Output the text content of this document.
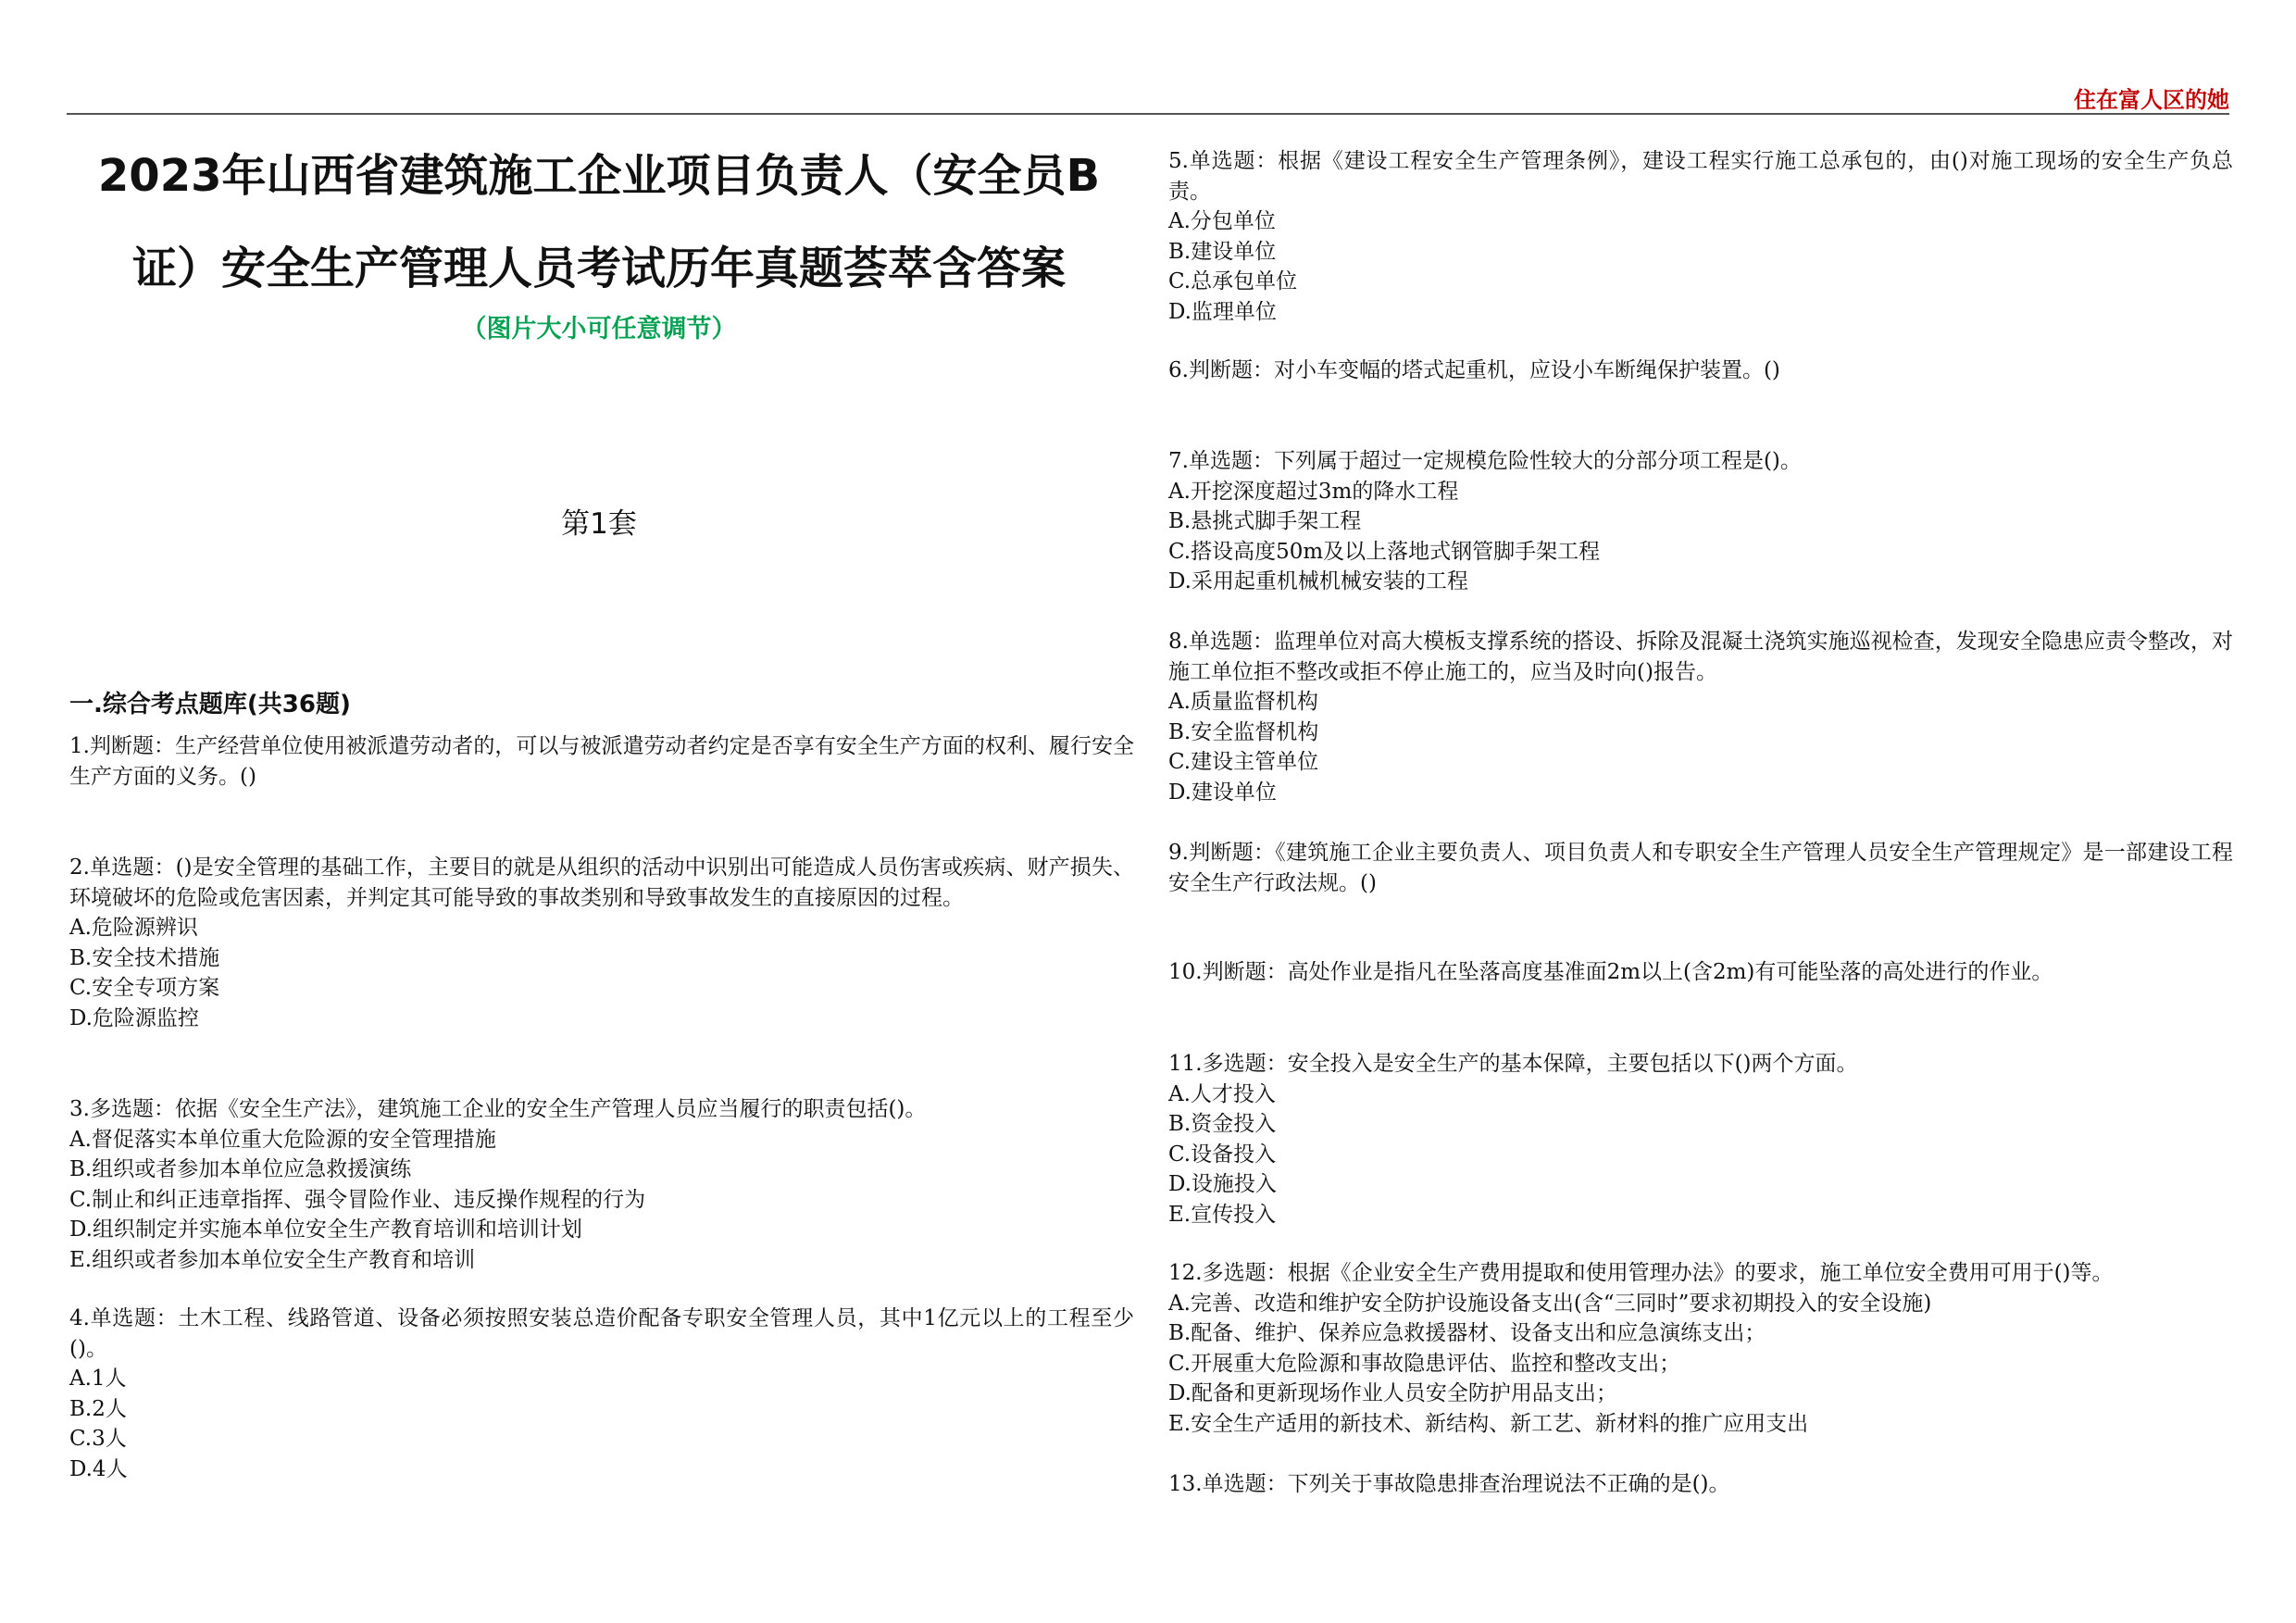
住在富人区的她
2023年山西省建筑施工企业项目负责人（安全员B证）安全生产管理人员考试历年真题荟萃含答案
（图片大小可任意调节）
第1套
一.综合考点题库(共36题)
1.判断题：生产经营单位使用被派遣劳动者的，可以与被派遣劳动者约定是否享有安全生产方面的权利、履行安全生产方面的义务。()
2.单选题：()是安全管理的基础工作，主要目的就是从组织的活动中识别出可能造成人员伤害或疾病、财产损失、环境破坏的危险或危害因素，并判定其可能导致的事故类别和导致事故发生的直接原因的过程。
A.危险源辨识
B.安全技术措施
C.安全专项方案
D.危险源监控
3.多选题：依据《安全生产法》，建筑施工企业的安全生产管理人员应当履行的职责包括()。
A.督促落实本单位重大危险源的安全管理措施
B.组织或者参加本单位应急救援演练
C.制止和纠正违章指挥、强令冒险作业、违反操作规程的行为
D.组织制定并实施本单位安全生产教育培训和培训计划
E.组织或者参加本单位安全生产教育和培训
4.单选题：土木工程、线路管道、设备必须按照安装总造价配备专职安全管理人员，其中1亿元以上的工程至少()。
A.1人
B.2人
C.3人
D.4人
5.单选题：根据《建设工程安全生产管理条例》，建设工程实行施工总承包的，由()对施工现场的安全生产负总责。
A.分包单位
B.建设单位
C.总承包单位
D.监理单位
6.判断题：对小车变幅的塔式起重机，应设小车断绳保护装置。()
7.单选题：下列属于超过一定规模危险性较大的分部分项工程是()。
A.开挖深度超过3m的降水工程
B.悬挑式脚手架工程
C.搭设高度50m及以上落地式钢管脚手架工程
D.采用起重机械机械安装的工程
8.单选题：监理单位对高大模板支撑系统的搭设、拆除及混凝土浇筑实施巡视检查，发现安全隐患应责令整改，对施工单位拒不整改或拒不停止施工的，应当及时向()报告。
A.质量监督机构
B.安全监督机构
C.建设主管单位
D.建设单位
9.判断题：《建筑施工企业主要负责人、项目负责人和专职安全生产管理人员安全生产管理规定》是一部建设工程安全生产行政法规。()
10.判断题：高处作业是指凡在坠落高度基准面2m以上(含2m)有可能坠落的高处进行的作业。
11.多选题：安全投入是安全生产的基本保障，主要包括以下()两个方面。
A.人才投入
B.资金投入
C.设备投入
D.设施投入
E.宣传投入
12.多选题：根据《企业安全生产费用提取和使用管理办法》的要求，施工单位安全费用可用于()等。
A.完善、改造和维护安全防护设施设备支出(含“三同时”要求初期投入的安全设施)
B.配备、维护、保养应急救援器材、设备支出和应急演练支出；
C.开展重大危险源和事故隐患评估、监控和整改支出；
D.配备和更新现场作业人员安全防护用品支出；
E.安全生产适用的新技术、新结构、新工艺、新材料的推广应用支出
13.单选题：下列关于事故隐患排查治理说法不正确的是()。
